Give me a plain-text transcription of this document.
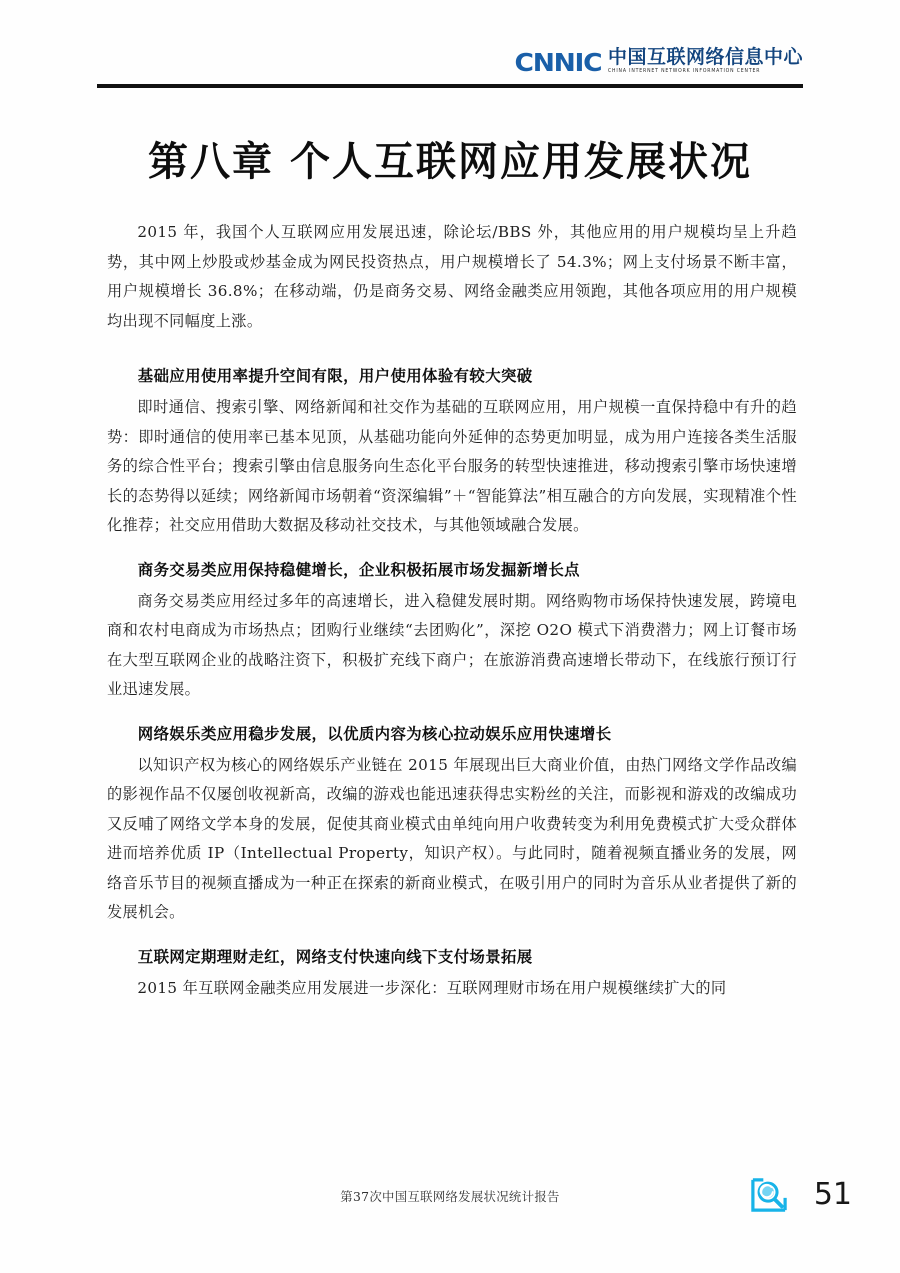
CNNIC 中国互联网络信息中心
CHINA INTERNET NETWORK INFORMATION CENTER
第八章 个人互联网应用发展状况

2015 年，我国个人互联网应用发展迅速，除论坛/BBS 外，其他应用的用户规模均呈上升趋势，其中网上炒股或炒基金成为网民投资热点，用户规模增长了 54.3%；网上支付场景不断丰富，用户规模增长 36.8%；在移动端，仍是商务交易、网络金融类应用领跑，其他各项应用的用户规模均出现不同幅度上涨。

基础应用使用率提升空间有限，用户使用体验有较大突破

即时通信、搜索引擎、网络新闻和社交作为基础的互联网应用，用户规模一直保持稳中有升的趋势：即时通信的使用率已基本见顶，从基础功能向外延伸的态势更加明显，成为用户连接各类生活服务的综合性平台；搜索引擎由信息服务向生态化平台服务的转型快速推进，移动搜索引擎市场快速增长的态势得以延续；网络新闻市场朝着“资深编辑”＋“智能算法”相互融合的方向发展，实现精准个性化推荐；社交应用借助大数据及移动社交技术，与其他领域融合发展。

商务交易类应用保持稳健增长，企业积极拓展市场发掘新增长点

商务交易类应用经过多年的高速增长，进入稳健发展时期。网络购物市场保持快速发展，跨境电商和农村电商成为市场热点；团购行业继续“去团购化”，深挖 O2O 模式下消费潜力；网上订餐市场在大型互联网企业的战略注资下，积极扩充线下商户；在旅游消费高速增长带动下，在线旅行预订行业迅速发展。

网络娱乐类应用稳步发展，以优质内容为核心拉动娱乐应用快速增长

以知识产权为核心的网络娱乐产业链在 2015 年展现出巨大商业价值，由热门网络文学作品改编的影视作品不仅屡创收视新高，改编的游戏也能迅速获得忠实粉丝的关注，而影视和游戏的改编成功又反哺了网络文学本身的发展，促使其商业模式由单纯向用户收费转变为利用免费模式扩大受众群体进而培养优质 IP（Intellectual Property，知识产权）。与此同时，随着视频直播业务的发展，网络音乐节目的视频直播成为一种正在探索的新商业模式，在吸引用户的同时为音乐从业者提供了新的发展机会。

互联网定期理财走红，网络支付快速向线下支付场景拓展

2015 年互联网金融类应用发展进一步深化：互联网理财市场在用户规模继续扩大的同

第37次中国互联网络发展状况统计报告	51
